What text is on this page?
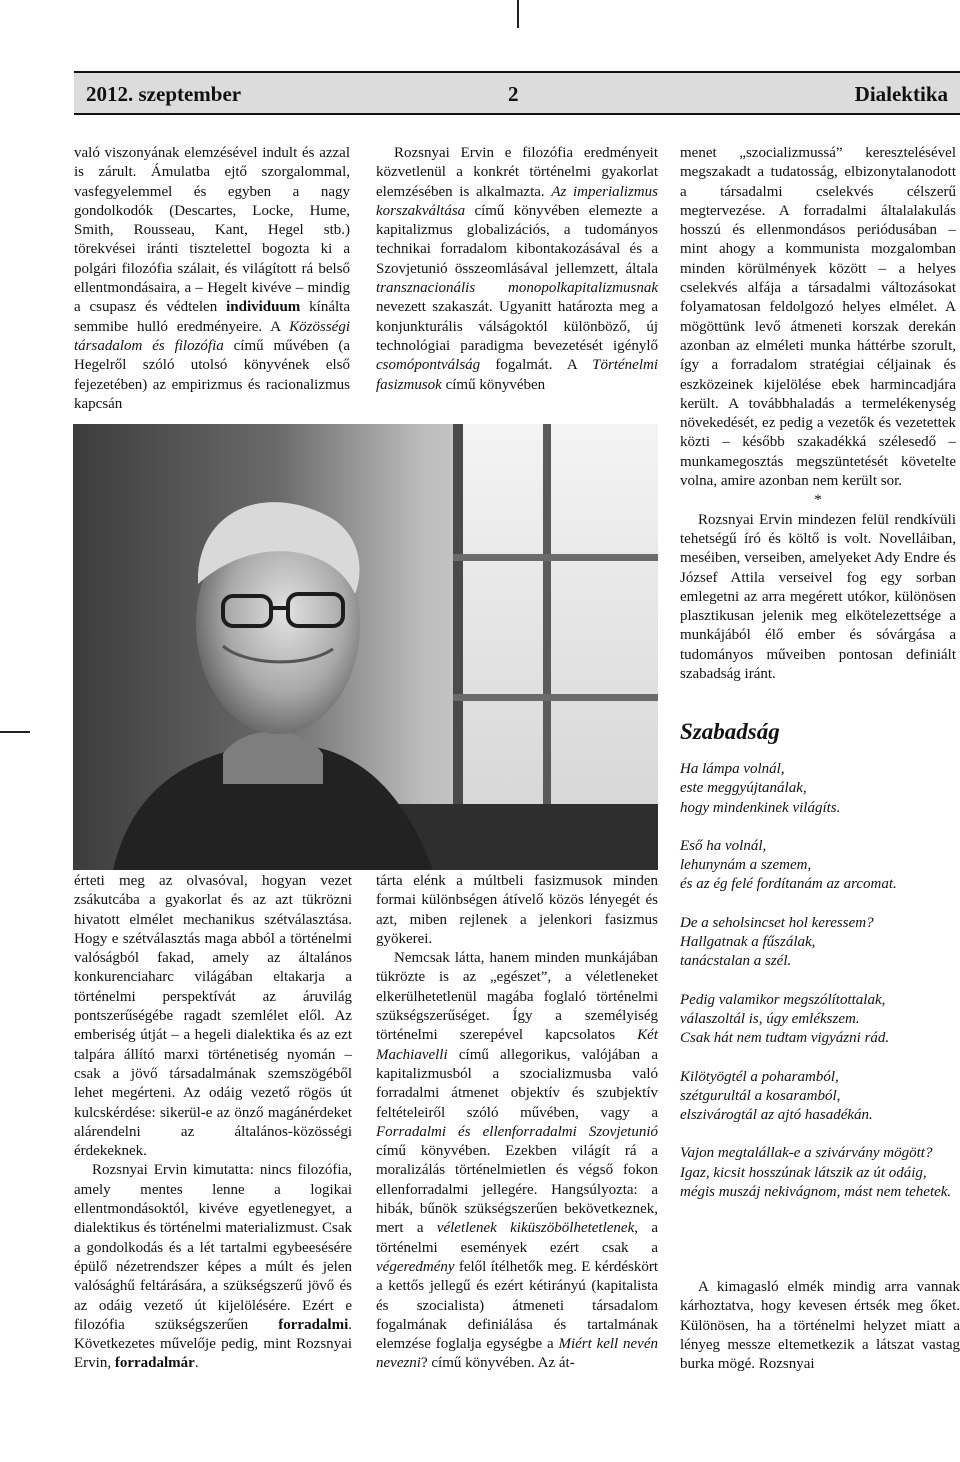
2012. szeptember	2	Dialektika

való viszonyának elemzésével indult és azzal is zárult. Ámulatba ejtő szorgalommal, vasfegyelemmel és egyben a nagy gondolkodók (Descartes, Locke, Hume, Smith, Rousseau, Kant, Hegel stb.) törekvései iránti tisztelettel bogozta ki a polgári filozófia szálait, és világított rá belső ellentmondásaira, a – Hegelt kivéve – mindig a csupasz és védtelen individuum kínálta semmibe hulló eredményeire. A Közösségi társadalom és filozófia című művében (a Hegelről szóló utolsó könyvének első fejezetében) az empirizmus és racionalizmus kapcsán

érteti meg az olvasóval, hogyan vezet zsákutcába a gyakorlat és az azt tükrözni hivatott elmélet mechanikus szétválasztása. Hogy e szétválasztás maga abból a történelmi valóságból fakad, amely az általános konkurenciaharc világában eltakarja a történelmi perspektívát az áruvilág pontszerűségébe ragadt szemlélet elől. Az emberiség útját – a hegeli dialektika és az ezt talpára állító marxi történetiség nyomán – csak a jövő társadalmának szemszögéből lehet megérteni. Az odáig vezető rögös út kulcskérdése: sikerül-e az önző magánérdeket alárendelni az általános-közösségi érdekeknek.

Rozsnyai Ervin kimutatta: nincs filozófia, amely mentes lenne a logikai ellentmondásoktól, kivéve egyetlenegyet, a dialektikus és történelmi materializmust. Csak a gondolkodás és a lét tartalmi egybeesésére épülő nézetrendszer képes a múlt és jelen valósághű feltárására, a szükségszerű jövő és az odáig vezető út kijelölésére. Ezért e filozófia szükségszerűen forradalmi. Következetes művelője pedig, mint Rozsnyai Ervin, forradalmár.

Rozsnyai Ervin e filozófia eredményeit közvetlenül a konkrét történelmi gyakorlat elemzésében is alkalmazta. Az imperializmus korszakváltása című könyvében elemezte a kapitalizmus globalizációs, a tudományos technikai forradalom kibontakozásával és a Szovjetunió összeomlásával jellemzett, általa transznacionális monopolkapitalizmusnak nevezett szakaszát. Ugyanitt határozta meg a konjunkturális válságoktól különböző, új technológiai paradigma bevezetését igénylő csomópontválság fogalmát. A Történelmi fasizmusok című könyvében

tárta elénk a múltbeli fasizmusok minden formai különbségen átívelő közös lényegét és azt, miben rejlenek a jelenkori fasizmus gyökerei.

Nemcsak látta, hanem minden munkájában tükrözte is az „egészet”, a véletleneket elkerülhetetlenül magába foglaló történelmi szükségszerűséget. Így a személyiség történelmi szerepével kapcsolatos Két Machiavelli című allegorikus, valójában a kapitalizmusból a szocializmusba való forradalmi átmenet objektív és szubjektív feltételeiről szóló művében, vagy a Forradalmi és ellenforradalmi Szovjetunió című könyvében. Ezekben világít rá a moralizálás történelmietlen és végső fokon ellenforradalmi jellegére. Hangsúlyozta: a hibák, bűnök szükségszerűen bekövetkeznek, mert a véletlenek kiküszöbölhetetlenek, a történelmi események ezért csak a végeredmény felől ítélhetők meg. E kérdéskört a kettős jellegű és ezért kétirányú (kapitalista és szocialista) átmeneti társadalom fogalmának definiálása és tartalmának elemzése foglalja egységbe a Miért kell nevén nevezni? című könyvében. Az át-

menet „szocializmussá” keresztelésével megszakadt a tudatosság, elbizonytalanodott a társadalmi cselekvés célszerű megtervezése. A forradalmi általalakulás hosszú és ellenmondásos periódusában – mint ahogy a kommunista mozgalomban minden körülmények között – a helyes cselekvés alfája a társadalmi változásokat folyamatosan feldolgozó helyes elmélet. A mögöttünk levő átmeneti korszak derekán azonban az elméleti munka háttérbe szorult, így a forradalom stratégiai céljainak és eszközeinek kijelölése ebek harmincadjára került. A továbbhaladás a termelékenység növekedését, ez pedig a vezetők és vezetettek közti – később szakadékká szélesedő – munkamegosztás megszüntetését követelte volna, amire azonban nem került sor.

*

Rozsnyai Ervin mindezen felül rendkívüli tehetségű író és költő is volt. Novelláiban, meséiben, verseiben, amelyeket Ady Endre és József Attila verseivel fog egy sorban emlegetni az arra megérett utókor, különösen plasztikusan jelenik meg elkötelezettsége a munkájából élő ember és sóvárgása a tudományos műveiben pontosan definiált szabadság iránt.

Szabadság
Ha lámpa volnál,
este meggyújtanálak,
hogy mindenkinek világíts.
Eső ha volnál,
lehunynám a szemem,
és az ég felé fordítanám az arcomat.
De a seholsincset hol keressem?
Hallgatnak a fűszálak,
tanácstalan a szél.
Pedig valamikor megszólítottalak,
válaszoltál is, úgy emlékszem.
Csak hát nem tudtam vigyázni rád.
Kilötyögtél a poharamból,
szétgurultál a kosaramból,
elszivárogtál az ajtó hasadékán.
Vajon megtalállak-e a szivárvány mögött?
Igaz, kicsit hosszúnak látszik az út odáig, mégis muszáj nekivágnom, mást nem tehetek.

A kimagasló elmék mindig arra vannak kárhoztatva, hogy kevesen értsék meg őket. Különösen, ha a történelmi helyzet miatt a lényeg messze eltemetkezik a látszat vastag burka mögé. Rozsnyai
